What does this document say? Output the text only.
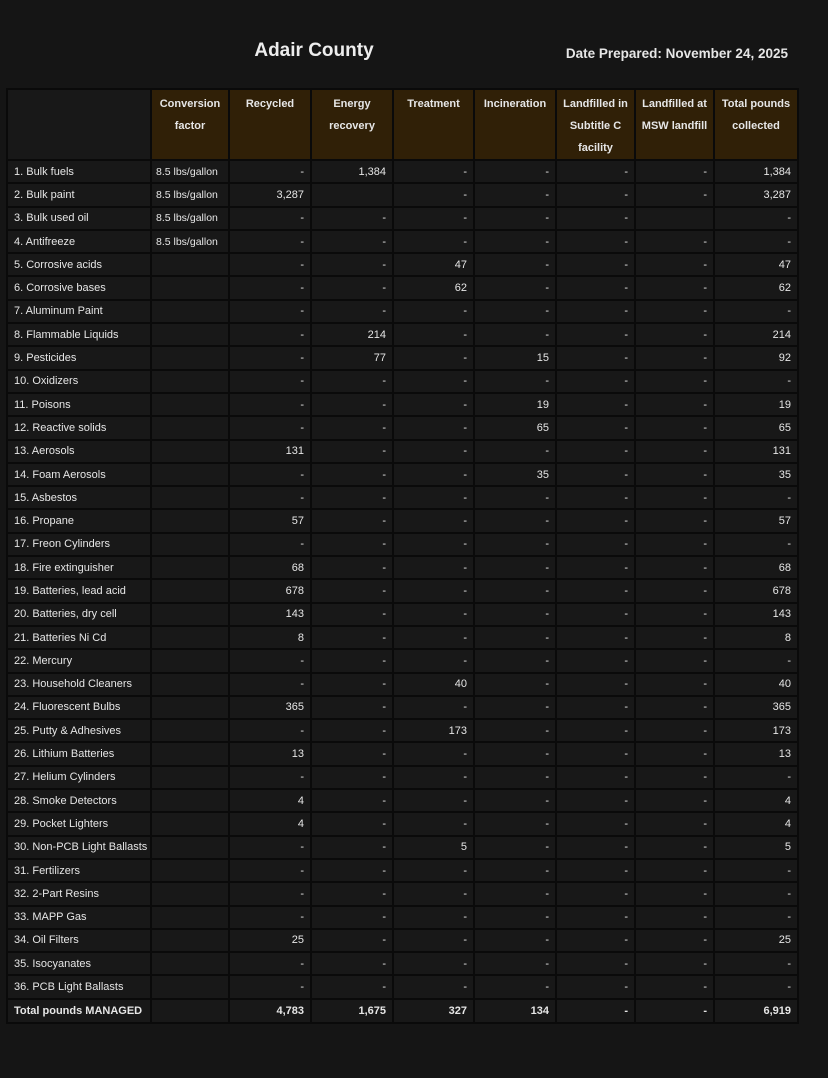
Adair County	Date Prepared: November 24, 2025
	Conversion factor	Recycled	Energy recovery	Treatment	Incineration	Landfilled in Subtitle C facility	Landfilled at MSW landfill	Total pounds collected
1. Bulk fuels	8.5 lbs/gallon	-	1,384	-	-	-	-	1,384
2. Bulk paint	8.5 lbs/gallon	3,287		-	-	-	-	3,287
3. Bulk used oil	8.5 lbs/gallon	-	-	-	-	-		-
4. Antifreeze	8.5 lbs/gallon	-	-	-	-	-	-	-
5. Corrosive acids		-	-	47	-	-	-	47
6. Corrosive bases		-	-	62	-	-	-	62
7. Aluminum Paint		-	-	-	-	-	-	-
8. Flammable Liquids		-	214	-	-	-	-	214
9. Pesticides		-	77	-	15	-	-	92
10. Oxidizers		-	-	-	-	-	-	-
11. Poisons		-	-	-	19	-	-	19
12. Reactive solids		-	-	-	65	-	-	65
13. Aerosols		131	-	-	-	-	-	131
14. Foam Aerosols		-	-	-	35	-	-	35
15. Asbestos		-	-	-	-	-	-	-
16. Propane		57	-	-	-	-	-	57
17. Freon Cylinders		-	-	-	-	-	-	-
18. Fire extinguisher		68	-	-	-	-	-	68
19. Batteries, lead acid		678	-	-	-	-	-	678
20. Batteries, dry cell		143	-	-	-	-	-	143
21. Batteries Ni Cd		8	-	-	-	-	-	8
22. Mercury		-	-	-	-	-	-	-
23. Household Cleaners		-	-	40	-	-	-	40
24. Fluorescent Bulbs		365	-	-	-	-	-	365
25. Putty & Adhesives		-	-	173	-	-	-	173
26. Lithium Batteries		13	-	-	-	-	-	13
27. Helium Cylinders		-	-	-	-	-	-	-
28. Smoke Detectors		4	-	-	-	-	-	4
29. Pocket Lighters		4	-	-	-	-	-	4
30. Non-PCB Light Ballasts		-	-	5	-	-	-	5
31. Fertilizers		-	-	-	-	-	-	-
32. 2-Part Resins		-	-	-	-	-	-	-
33. MAPP Gas		-	-	-	-	-	-	-
34. Oil Filters		25	-	-	-	-	-	25
35. Isocyanates		-	-	-	-	-	-	-
36. PCB Light Ballasts		-	-	-	-	-	-	-
Total pounds MANAGED		4,783	1,675	327	134	-	-	6,919
